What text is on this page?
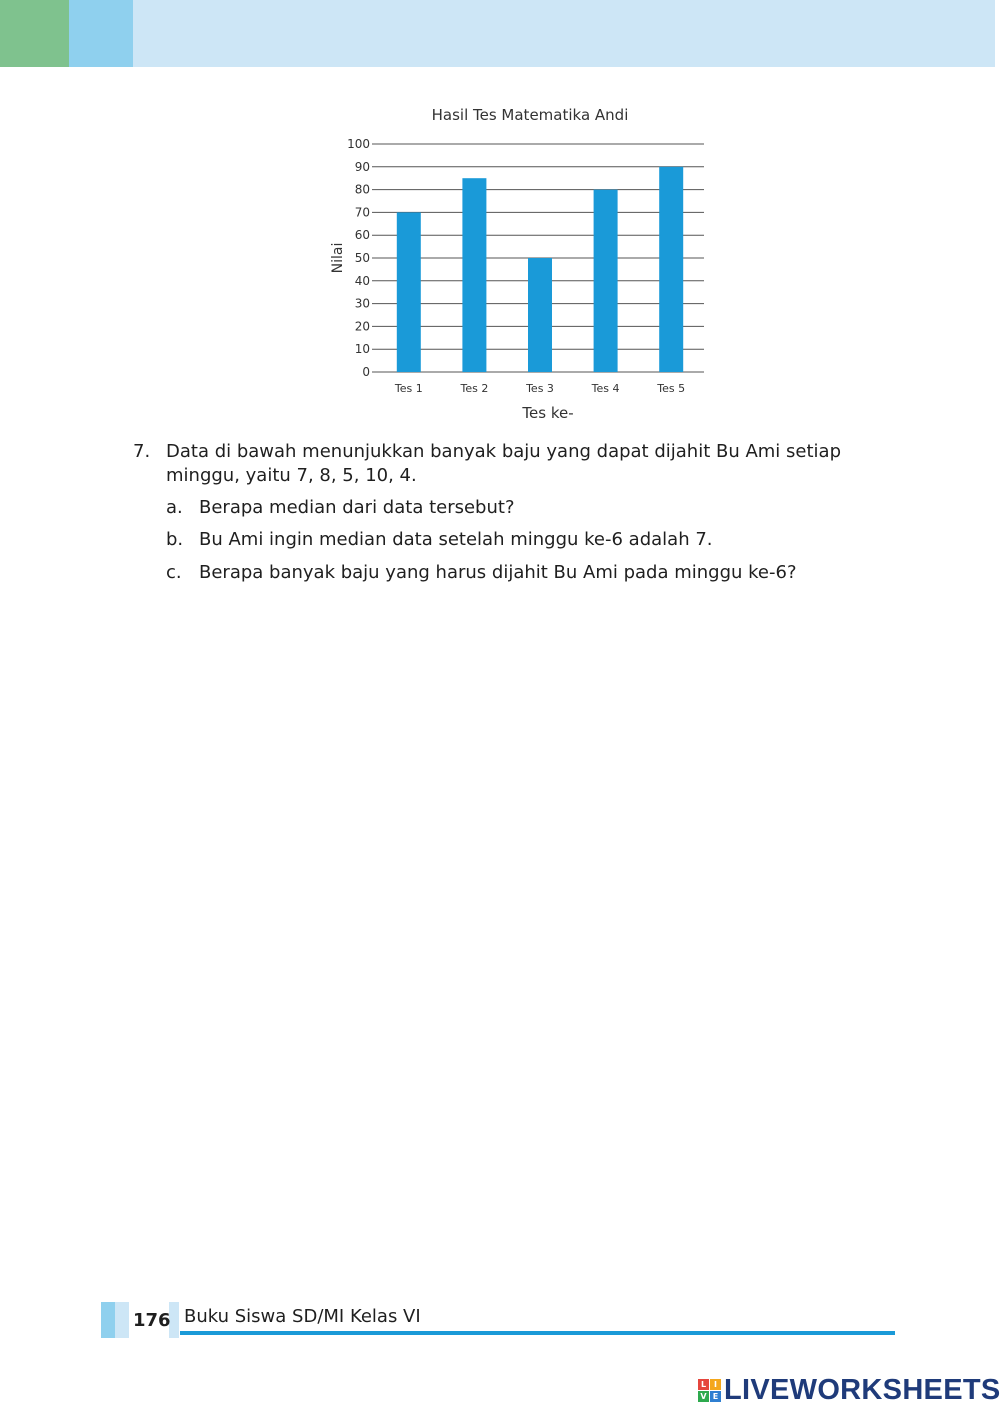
Hasil Tes Matematika Andi
0
10
20
30
40
50
60
70
80
90
100
Nilai
Tes 1	Tes 2	Tes 3	Tes 4	Tes 5
Tes ke-
7. Data di bawah menunjukkan banyak baju yang dapat dijahit Bu Ami setiap minggu, yaitu 7, 8, 5, 10, 4.
a. Berapa median dari data tersebut?
b. Bu Ami ingin median data setelah minggu ke-6 adalah 7.
c. Berapa banyak baju yang harus dijahit Bu Ami pada minggu ke-6?
176 Buku Siswa SD/MI Kelas VI
L I
V E LIVEWORKSHEETS
